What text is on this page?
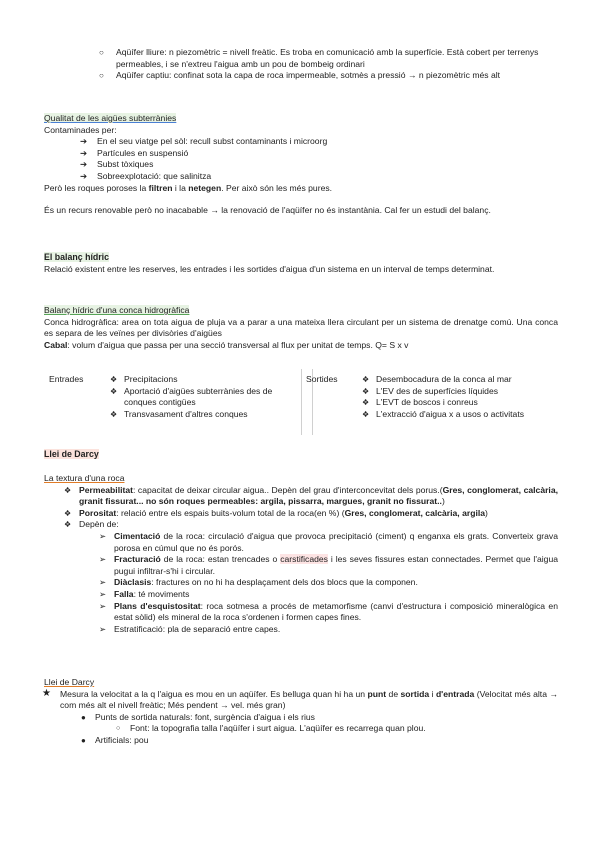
○ Aqüífer lliure: n piezomètric = nivell freàtic. Es troba en comunicació amb la superfície. Està cobert per terrenys permeables, i se n'extreu l'aigua amb un pou de bombeig ordinari
○ Aqüífer captiu: confinat sota la capa de roca impermeable, sotmès a pressió → n piezomètric més alt

Qualitat de les aigües subterrànies

Contaminades per:

➔ En el seu viatge pel sòl: recull subst contaminants i microorg
➔ Partícules en suspensió
➔ Subst tòxiques
➔ Sobreexplotació: que salinitza

Però les roques poroses la filtren i la netegen. Per això són les més pures.

És un recurs renovable però no inacabable → la renovació de l'aqüífer no és instantània. Cal fer un estudi del balanç.

El balanç hídric

Relació existent entre les reserves, les entrades i les sortides d'aigua d'un sistema en un interval de temps determinat.

Balanç hídric d'una conca hidrogràfica

Conca hidrogràfica: area on tota aigua de pluja va a parar a una mateixa llera circulant per un sistema de drenatge comú. Una conca es separa de les veïnes per divisòries d'aigües

Cabal: volum d'aigua que passa per una secció transversal al flux per unitat de temps. Q= S x v

Entrades	❖ Precipitacions
❖ Aportació d'aigües subterrànies des de conques contigües
❖ Transvasament d'altres conques
Sortides	❖ Desembocadura de la conca al mar
❖ L'EV des de superfícies líquides
❖ L'EVT de boscos i conreus
❖ L'extracció d'aigua x a usos o activitats
Llei de Darcy

La textura d'una roca

❖ Permeabilitat: capacitat de deixar circular aigua.. Depèn del grau d'interconcevitat dels porus.(Gres, conglomerat, calcària, granit fissurat... no són roques permeables: argila, pissarra, margues, granit no fissurat..)
❖ Porositat: relació entre els espais buits-volum total de la roca(en %) (Gres, conglomerat, calcària, argila)
❖ Depèn de:
➢ Cimentació de la roca: circulació d'aigua que provoca precipitació (ciment) q enganxa els grats. Converteix grava porosa en cúmul que no és porós.
➢ Fracturació de la roca: estan trencades o carstificades i les seves fissures estan connectades. Permet que l'aigua pugui infiltrar-s'hi i circular.
➢ Diàclasis: fractures on no hi ha desplaçament dels dos blocs que la componen.
➢ Falla: té moviments
➢ Plans d'esquistositat: roca sotmesa a procés de metamorfisme (canvi d'estructura i composició mineralògica en estat sòlid) els mineral de la roca s'ordenen i formen capes fines.
➢ Estratificació: pla de separació entre capes.

Llei de Darcy

★ Mesura la velocitat a la q l'aigua es mou en un aqüífer. Es belluga quan hi ha un punt de sortida i d'entrada (Velocitat més alta → com més alt el nivell freàtic; Més pendent → vel. més gran)
● Punts de sortida naturals: font, surgència d'aigua i els rius
○ Font: la topografia talla l'aqüífer i surt aigua. L'aqüífer es recarrega quan plou.
● Artificials: pou
